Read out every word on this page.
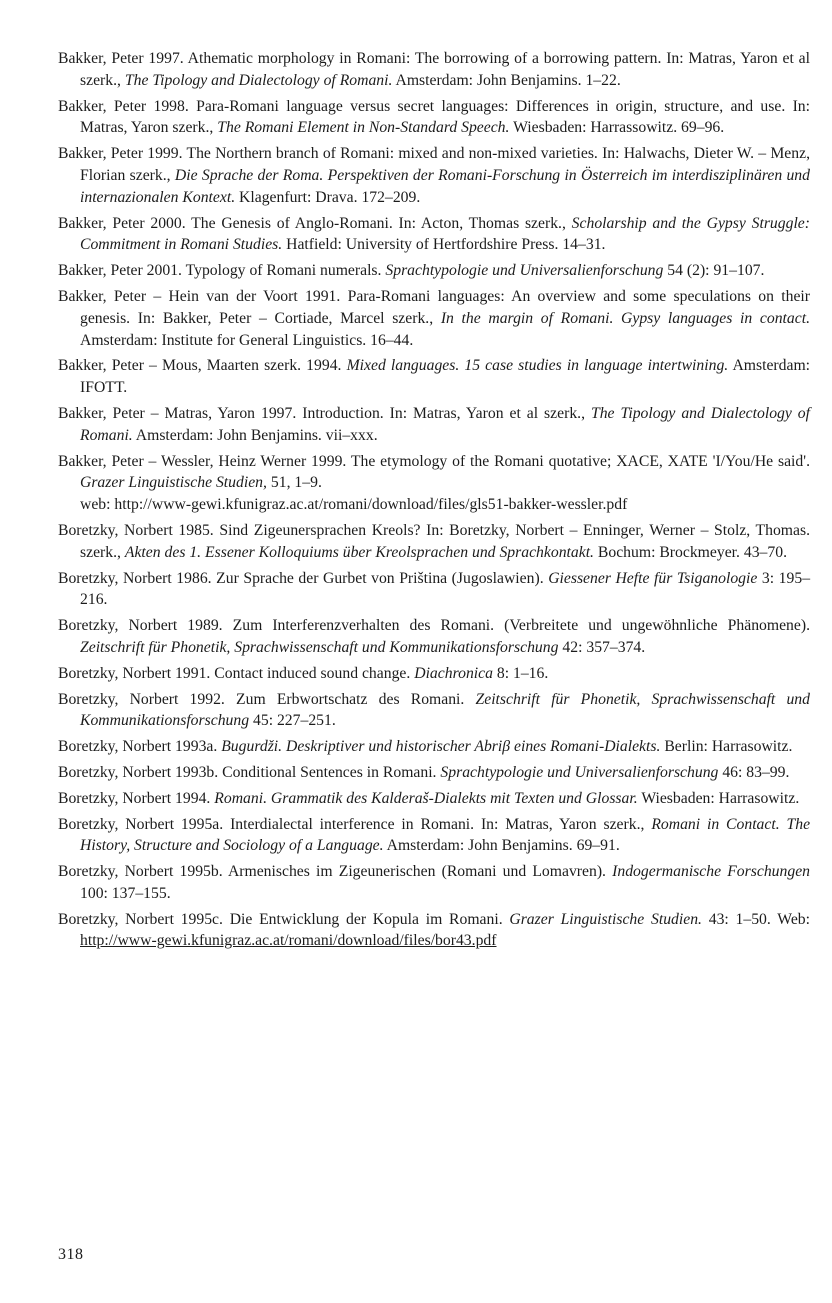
Bakker, Peter 1997. Athematic morphology in Romani: The borrowing of a borrowing pattern. In: Matras, Yaron et al szerk., The Tipology and Dialectology of Romani. Amsterdam: John Benjamins. 1–22.

Bakker, Peter 1998. Para-Romani language versus secret languages: Differences in origin, structure, and use. In: Matras, Yaron szerk., The Romani Element in Non-Standard Speech. Wiesbaden: Harrassowitz. 69–96.

Bakker, Peter 1999. The Northern branch of Romani: mixed and non-mixed varieties. In: Halwachs, Dieter W. – Menz, Florian szerk., Die Sprache der Roma. Perspektiven der Romani-Forschung in Österreich im interdisziplinären und internazionalen Kontext. Klagenfurt: Drava. 172–209.

Bakker, Peter 2000. The Genesis of Anglo-Romani. In: Acton, Thomas szerk., Scholarship and the Gypsy Struggle: Commitment in Romani Studies. Hatfield: University of Hertfordshire Press. 14–31.

Bakker, Peter 2001. Typology of Romani numerals. Sprachtypologie und Universalienforschung 54 (2): 91–107.

Bakker, Peter – Hein van der Voort 1991. Para-Romani languages: An overview and some speculations on their genesis. In: Bakker, Peter – Cortiade, Marcel szerk., In the margin of Romani. Gypsy languages in contact. Amsterdam: Institute for General Linguistics. 16–44.

Bakker, Peter – Mous, Maarten szerk. 1994. Mixed languages. 15 case studies in language intertwining. Amsterdam: IFOTT.

Bakker, Peter – Matras, Yaron 1997. Introduction. In: Matras, Yaron et al szerk., The Tipology and Dialectology of Romani. Amsterdam: John Benjamins. vii–xxx.

Bakker, Peter – Wessler, Heinz Werner 1999. The etymology of the Romani quotative; XACE, XATE 'I/You/He said'. Grazer Linguistische Studien, 51, 1–9.
web: http://www-gewi.kfunigraz.ac.at/romani/download/files/gls51-bakker-wessler.pdf

Boretzky, Norbert 1985. Sind Zigeunersprachen Kreols? In: Boretzky, Norbert – Enninger, Werner – Stolz, Thomas. szerk., Akten des 1. Essener Kolloquiums über Kreolsprachen und Sprachkontakt. Bochum: Brockmeyer. 43–70.

Boretzky, Norbert 1986. Zur Sprache der Gurbet von Priština (Jugoslawien). Giessener Hefte für Tsiganologie 3: 195–216.

Boretzky, Norbert 1989. Zum Interferenzverhalten des Romani. (Verbreitete und ungewöhnliche Phänomene). Zeitschrift für Phonetik, Sprachwissenschaft und Kommunikationsforschung 42: 357–374.

Boretzky, Norbert 1991. Contact induced sound change. Diachronica 8: 1–16.

Boretzky, Norbert 1992. Zum Erbwortschatz des Romani. Zeitschrift für Phonetik, Sprachwissenschaft und Kommunikationsforschung 45: 227–251.

Boretzky, Norbert 1993a. Bugurdži. Deskriptiver und historischer Abriβ eines Romani-Dialekts. Berlin: Harrasowitz.

Boretzky, Norbert 1993b. Conditional Sentences in Romani. Sprachtypologie und Universalienforschung 46: 83–99.

Boretzky, Norbert 1994. Romani. Grammatik des Kalderaš-Dialekts mit Texten und Glossar. Wiesbaden: Harrasowitz.

Boretzky, Norbert 1995a. Interdialectal interference in Romani. In: Matras, Yaron szerk., Romani in Contact. The History, Structure and Sociology of a Language. Amsterdam: John Benjamins. 69–91.

Boretzky, Norbert 1995b. Armenisches im Zigeunerischen (Romani und Lomavren). Indogermanische Forschungen 100: 137–155.

Boretzky, Norbert 1995c. Die Entwicklung der Kopula im Romani. Grazer Linguistische Studien. 43: 1–50. Web: http://www-gewi.kfunigraz.ac.at/romani/download/files/bor43.pdf

318
